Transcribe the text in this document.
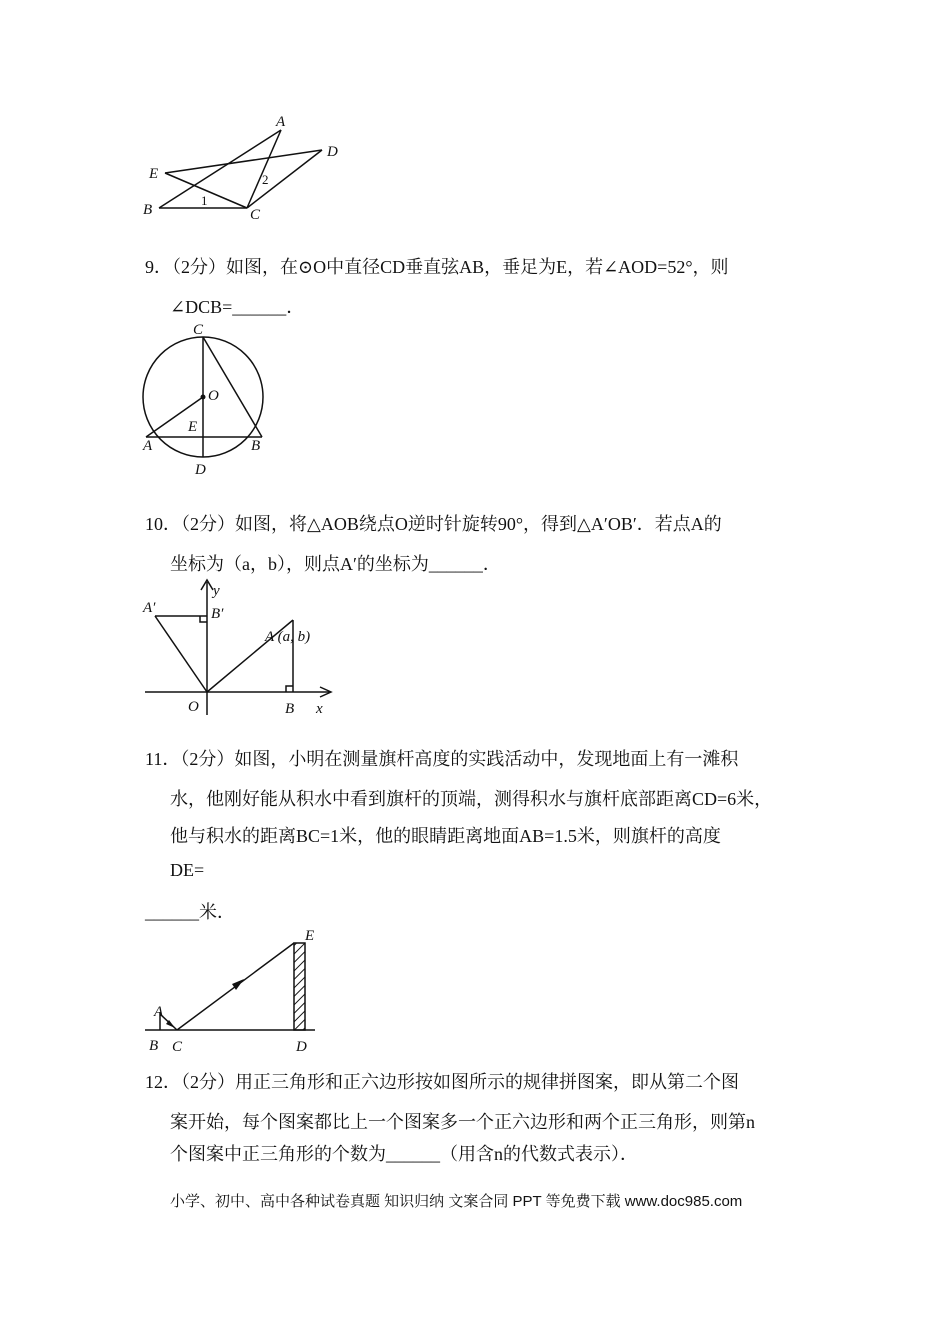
A
B	C
D
E
1
2
9．（2分）如图，在⊙O中直径CD垂直弦AB，垂足为E，若∠AOD=52°，则
∠DCB=______．
C
D
A	B
E
O
10．（2分）如图，将△AOB绕点O逆时针旋转90°，得到△A′OB′．若点A的
坐标为（a，b），则点A′的坐标为______．
y
x
O	B
A′	B′
A (a, b)
11．（2分）如图，小明在测量旗杆高度的实践活动中，发现地面上有一滩积
水，他刚好能从积水中看到旗杆的顶端，测得积水与旗杆底部距离CD=6米，
他与积水的距离BC=1米，他的眼睛距离地面AB=1.5米，则旗杆的高度
DE=
______米．
A
B C	D
E
12．（2分）用正三角形和正六边形按如图所示的规律拼图案，即从第二个图
案开始，每个图案都比上一个图案多一个正六边形和两个正三角形，则第n
个图案中正三角形的个数为______（用含n的代数式表示）．
小学、初中、高中各种试卷真题 知识归纳 文案合同 PPT 等免费下载 www.doc985.com
